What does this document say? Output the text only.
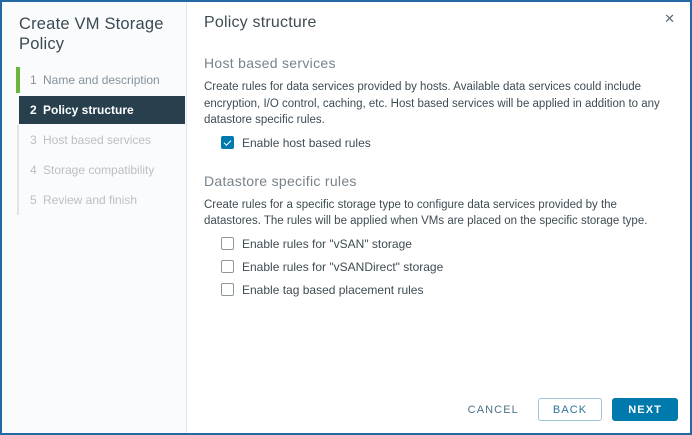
Create VM Storage Policy
1 Name and description
2 Policy structure
3 Host based services
4 Storage compatibility
5 Review and finish
✕
Policy structure
Host based services
Create rules for data services provided by hosts. Available data services could include encryption, I/O control, caching, etc. Host based services will be applied in addition to any datastore specific rules.
Enable host based rules
Datastore specific rules
Create rules for a specific storage type to configure data services provided by the datastores. The rules will be applied when VMs are placed on the specific storage type.
Enable rules for "vSAN" storage
Enable rules for "vSANDirect" storage
Enable tag based placement rules
CANCEL	BACK	NEXT
